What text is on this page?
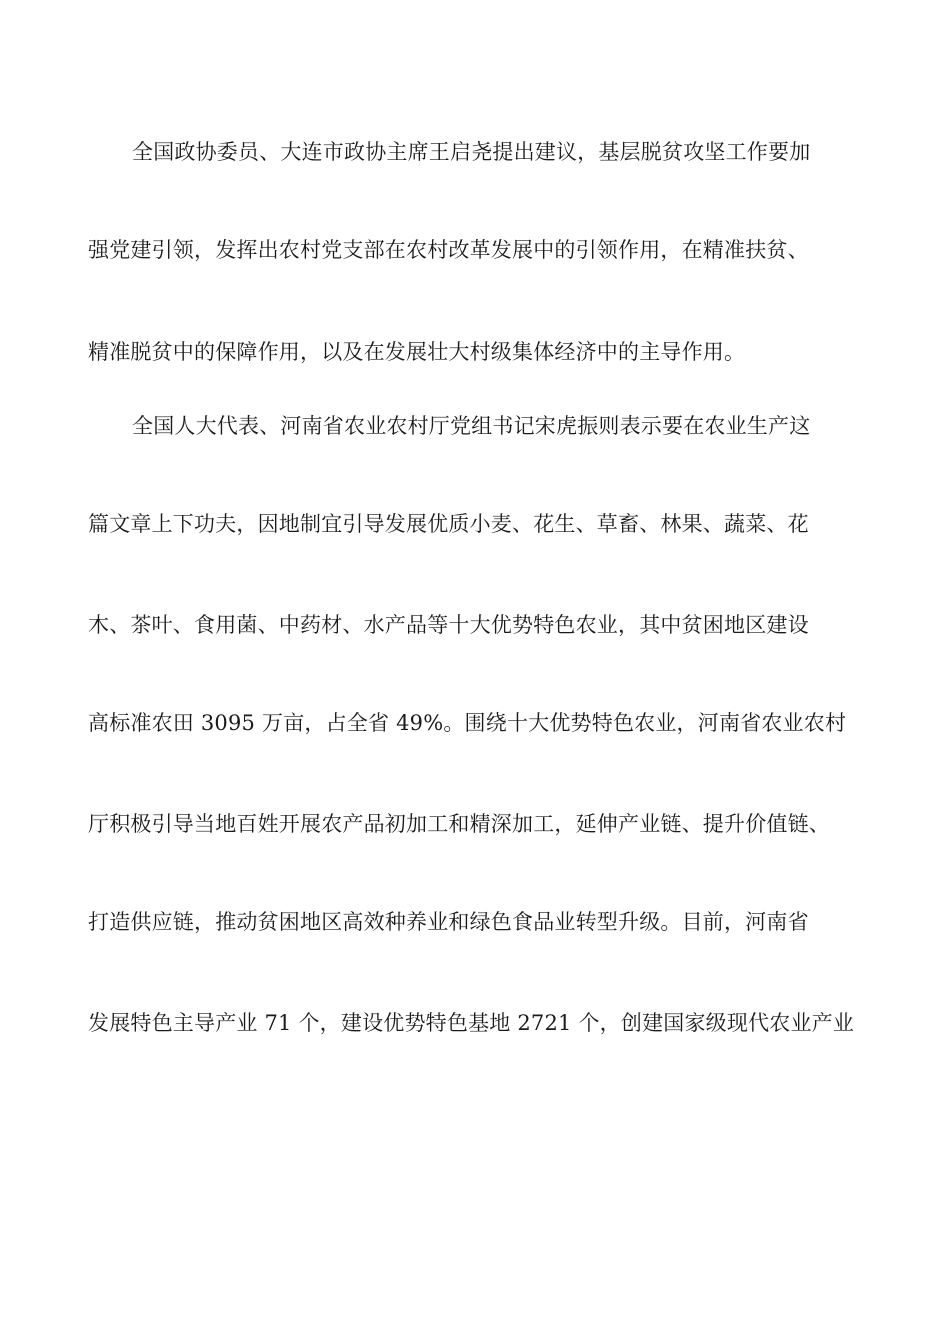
全国政协委员、大连市政协主席王启尧提出建议，基层脱贫攻坚工作要加
强党建引领，发挥出农村党支部在农村改革发展中的引领作用，在精准扶贫、
精准脱贫中的保障作用，以及在发展壮大村级集体经济中的主导作用。
全国人大代表、河南省农业农村厅党组书记宋虎振则表示要在农业生产这
篇文章上下功夫，因地制宜引导发展优质小麦、花生、草畜、林果、蔬菜、花
木、茶叶、食用菌、中药材、水产品等十大优势特色农业，其中贫困地区建设
高标准农田 3095 万亩，占全省 49%。围绕十大优势特色农业，河南省农业农村
厅积极引导当地百姓开展农产品初加工和精深加工，延伸产业链、提升价值链、
打造供应链，推动贫困地区高效种养业和绿色食品业转型升级。目前，河南省
发展特色主导产业 71 个，建设优势特色基地 2721 个，创建国家级现代农业产业
